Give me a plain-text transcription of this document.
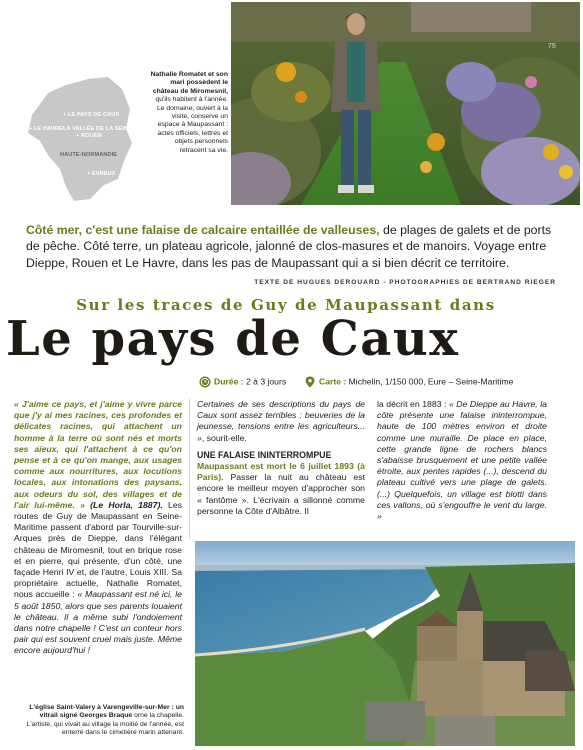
75
+ LE PAYS DE CAUX
+ LE HAVRE LA VALLÉE DE LA SEINE
+ ROUEN
HAUTE-NORMANDIE
+ EVREUX
Nathalie Romatet et son mari possèdent le château de Miromesnil, qu'ils habitent à l'année. Le domaine, ouvert à la visite, conserve un espace à Maupassant : actes officiels, lettres et objets personnels retracent sa vie.
Côté mer, c'est une falaise de calcaire entaillée de valleuses, de plages de galets et de ports de pêche. Côté terre, un plateau agricole, jalonné de clos-masures et de manoirs. Voyage entre Dieppe, Rouen et Le Havre, dans les pas de Maupassant qui a si bien décrit ce territoire.
TEXTE DE HUGUES DEROUARD - PHOTOGRAPHIES DE BERTRAND RIEGER
Sur les traces de Guy de Maupassant dans
Le pays de Caux
Durée : 2 à 3 jours	Carte : Michelin, 1/150 000, Eure – Seine-Maritime
« J'aime ce pays, et j'aime y vivre parce que j'y ai mes racines, ces profondes et délicates racines, qui attachent un homme à la terre où sont nés et morts ses aïeux, qui l'attachent à ce qu'on pense et à ce qu'on mange, aux usages comme aux nourritures, aux locutions locales, aux intonations des paysans, aux odeurs du sol, des villages et de l'air lui-même. » (Le Horla, 1887). Les routes de Guy de Maupassant en Seine-Maritime passent d'abord par Tourville-sur-Arques près de Dieppe, dans l'élégant château de Miromesnil, tout en brique rose et en pierre, qui présente, d'un côté, une façade Henri IV et, de l'autre, Louis XIII. Sa propriétaire actuelle, Nathalie Romatet, nous accueille : « Maupassant est né ici, le 5 août 1850, alors que ses parents louaient le château. Il a même subi l'ondoiement dans notre chapelle ! C'est un conteur hors pair qui est souvent cruel mais juste. Même encore aujourd'hui !
Certaines de ses descriptions du pays de Caux sont assez terribles : beuveries de la jeunesse, tensions entre les agriculteurs... », sourit-elle.
UNE FALAISE ININTERROMPUE
Maupassant est mort le 6 juillet 1893 (à Paris). Passer la nuit au château est encore le meilleur moyen d'approcher son « fantôme ». L'écrivain a sillonné comme personne la Côte d'Albâtre. Il
la décrit en 1883 : « De Dieppe au Havre, la côte présente une falaise ininterrompue, haute de 100 mètres environ et droite comme une muraille. De place en place, cette grande ligne de rochers blancs s'abaisse brusquement et une petite vallée étroite, aux pentes rapides (...), descend du plateau cultivé vers une plage de galets. (...) Quelquefois, un village est blotti dans ces vallons, où s'engouffre le vent du large. »
L'église Saint-Valery à Varengeville-sur-Mer : un vitrail signé Georges Braque orne la chapelle. L'artiste, qui vivait au village la moitié de l'année, est enterré dans le cimetière marin attenant.
